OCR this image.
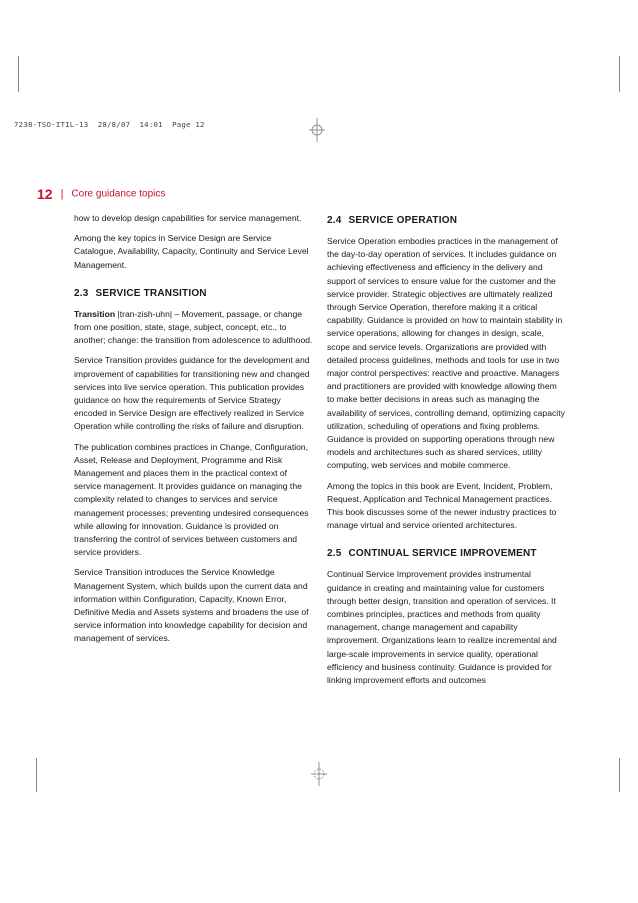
7238-TSO-ITIL-13  28/8/07  14:01  Page 12
12 | Core guidance topics

how to develop design capabilities for service management.

Among the key topics in Service Design are Service Catalogue, Availability, Capacity, Continuity and Service Level Management.

2.3 SERVICE TRANSITION

Transition |tran-zish-uhn| – Movement, passage, or change from one position, state, stage, subject, concept, etc., to another; change: the transition from adolescence to adulthood.

Service Transition provides guidance for the development and improvement of capabilities for transitioning new and changed services into live service operation. This publication provides guidance on how the requirements of Service Strategy encoded in Service Design are effectively realized in Service Operation while controlling the risks of failure and disruption.

The publication combines practices in Change, Configuration, Asset, Release and Deployment, Programme and Risk Management and places them in the practical context of service management. It provides guidance on managing the complexity related to changes to services and service management processes; preventing undesired consequences while allowing for innovation. Guidance is provided on transferring the control of services between customers and service providers.

Service Transition introduces the Service Knowledge Management System, which builds upon the current data and information within Configuration, Capacity, Known Error, Definitive Media and Assets systems and broadens the use of service information into knowledge capability for decision and management of services.

2.4 SERVICE OPERATION

Service Operation embodies practices in the management of the day-to-day operation of services. It includes guidance on achieving effectiveness and efficiency in the delivery and support of services to ensure value for the customer and the service provider. Strategic objectives are ultimately realized through Service Operation, therefore making it a critical capability. Guidance is provided on how to maintain stability in service operations, allowing for changes in design, scale, scope and service levels. Organizations are provided with detailed process guidelines, methods and tools for use in two major control perspectives: reactive and proactive. Managers and practitioners are provided with knowledge allowing them to make better decisions in areas such as managing the availability of services, controlling demand, optimizing capacity utilization, scheduling of operations and fixing problems. Guidance is provided on supporting operations through new models and architectures such as shared services, utility computing, web services and mobile commerce.

Among the topics in this book are Event, Incident, Problem, Request, Application and Technical Management practices. This book discusses some of the newer industry practices to manage virtual and service oriented architectures.

2.5 CONTINUAL SERVICE IMPROVEMENT

Continual Service Improvement provides instrumental guidance in creating and maintaining value for customers through better design, transition and operation of services. It combines principles, practices and methods from quality management, change management and capability improvement. Organizations learn to realize incremental and large-scale improvements in service quality, operational efficiency and business continuity. Guidance is provided for linking improvement efforts and outcomes
